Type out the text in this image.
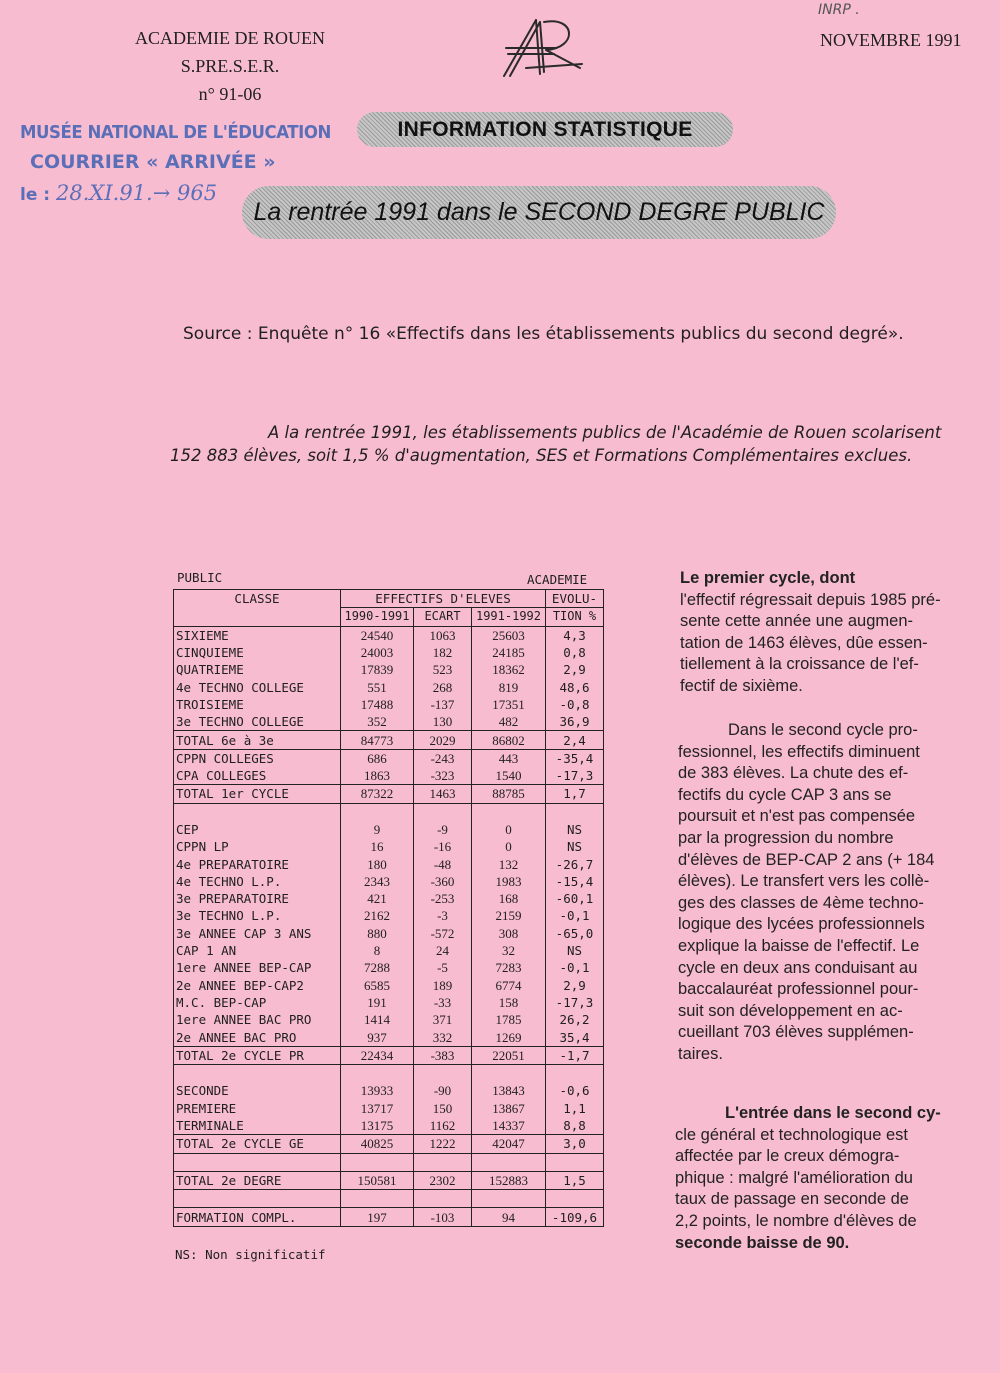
ACADEMIE DE ROUEN
S.PRE.S.E.R.
n° 91-06
INRP .
NOVEMBRE 1991
MUSÉE NATIONAL DE L'ÉDUCATION
COURRIER « ARRIVÉE »
le : 28.XI.91.→ 965
INFORMATION STATISTIQUE
La rentrée 1991 dans le SECOND DEGRE PUBLIC
Source : Enquête n° 16 «Effectifs dans les établissements publics du second degré».
A la rentrée 1991, les établissements publics de l'Académie de Rouen scolarisent
152 883 élèves, soit 1,5 % d'augmentation, SES et Formations Complémentaires exclues.
PUBLIC	ACADEMIE
CLASSE	EFFECTIFS D'ELEVES			EVOLU-
	1990-1991	ECART	1991-1992	TION %
SIXIEME	24540	1063	25603	4,3
CINQUIEME	24003	182	24185	0,8
QUATRIEME	17839	523	18362	2,9
4e TECHNO COLLEGE	551	268	819	48,6
TROISIEME	17488	-137	17351	-0,8
3e TECHNO COLLEGE	352	130	482	36,9
TOTAL 6e à 3e	84773	2029	86802	2,4
CPPN COLLEGES	686	-243	443	-35,4
CPA COLLEGES	1863	-323	1540	-17,3
TOTAL 1er CYCLE	87322	1463	88785	1,7

CEP	9	-9	0	NS
CPPN LP	16	-16	0	NS
4e PREPARATOIRE	180	-48	132	-26,7
4e TECHNO L.P.	2343	-360	1983	-15,4
3e PREPARATOIRE	421	-253	168	-60,1
3e TECHNO L.P.	2162	-3	2159	-0,1
3e ANNEE CAP 3 ANS	880	-572	308	-65,0
CAP 1 AN	8	24	32	NS
1ere ANNEE BEP-CAP	7288	-5	7283	-0,1
2e ANNEE BEP-CAP2	6585	189	6774	2,9
M.C. BEP-CAP	191	-33	158	-17,3
1ere ANNEE BAC PRO	1414	371	1785	26,2
2e ANNEE BAC PRO	937	332	1269	35,4
TOTAL 2e CYCLE PR	22434	-383	22051	-1,7

SECONDE	13933	-90	13843	-0,6
PREMIERE	13717	150	13867	1,1
TERMINALE	13175	1162	14337	8,8
TOTAL 2e CYCLE GE	40825	1222	42047	3,0

TOTAL 2e DEGRE	150581	2302	152883	1,5

FORMATION COMPL.	197	-103	94	-109,6
NS: Non significatif
Le premier cycle, dont
l'effectif régressait depuis 1985 pré-
sente cette année une augmen-
tation de 1463 élèves, dûe essen-
tiellement à la croissance de l'ef-
fectif de sixième.
Dans le second cycle pro-
fessionnel, les effectifs diminuent
de 383 élèves. La chute des ef-
fectifs du cycle CAP 3 ans se
poursuit et n'est pas compensée
par la progression du nombre
d'élèves de BEP-CAP 2 ans (+ 184
élèves). Le transfert vers les collè-
ges des classes de 4ème techno-
logique des lycées professionnels
explique la baisse de l'effectif. Le
cycle en deux ans conduisant au
baccalauréat professionnel pour-
suit son développement en ac-
cueillant 703 élèves supplémen-
taires.
L'entrée dans le second cy-
cle général et technologique est
affectée par le creux démogra-
phique : malgré l'amélioration du
taux de passage en seconde de
2,2 points, le nombre d'élèves de
seconde baisse de 90.
